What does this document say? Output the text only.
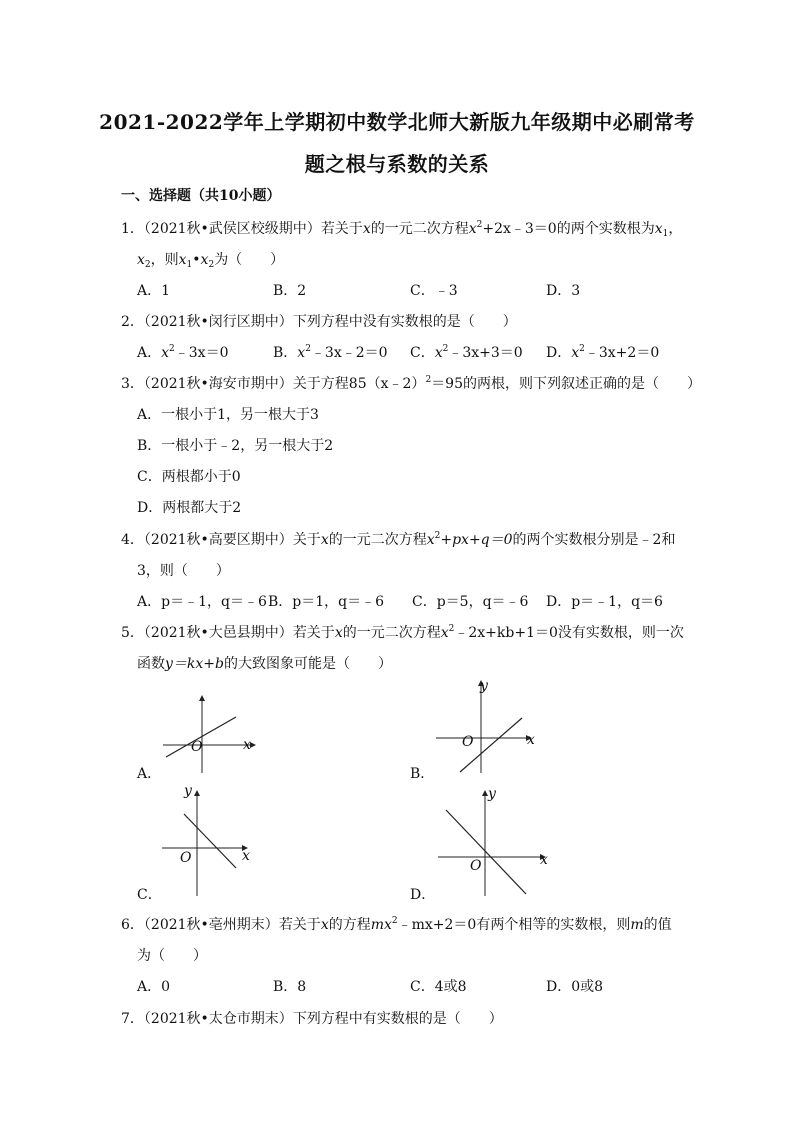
2021-2022学年上学期初中数学北师大新版九年级期中必刷常考
题之根与系数的关系
一、选择题（共10小题）
1．（2021秋•武侯区校级期中）若关于x的一元二次方程$x^2+2x﹣3=0$的两个实数根为$x_1$，
$x_2$，则$x_1•x_2$为（　　）
A．1	B．2	C．﹣3	D．3
2．（2021秋•闵行区期中）下列方程中没有实数根的是（　　）
A．$x^2﹣3x=0$	B．$x^2﹣3x﹣2=0$ C．$x^2﹣3x+3=0$ D．$x^2﹣3x+2=0$
3．（2021秋•海安市期中）关于方程85（x﹣2）$^2$＝95的两根，则下列叙述正确的是（　　）
A．一根小于1，另一根大于3
B．一根小于﹣2，另一根大于2
C．两根都小于0
D．两根都大于2
4．（2021秋•高要区期中）关于x的一元二次方程$x^2+px+q=0$的两个实数根分别是﹣2和
3，则（　　）
A．p＝﹣1，q＝﹣6 B．p＝1，q＝﹣6 C．p＝5，q＝﹣6 D．p＝﹣1，q＝6
5．（2021秋•大邑县期中）若关于x的一元二次方程$x^2﹣2x+kb+1=0$没有实数根，则一次
函数y＝kx+b的大致图象可能是（　　）
O	x
A．
y
O	x
B．
y
O	x
C．
y
O	x
D．
6．（2021秋•亳州期末）若关于x的方程$mx^2﹣mx+2=0$有两个相等的实数根，则m的值
为（　　）
A．0	B．8	C．4或8	D．0或8
7．（2021秋•太仓市期末）下列方程中有实数根的是（　　）
